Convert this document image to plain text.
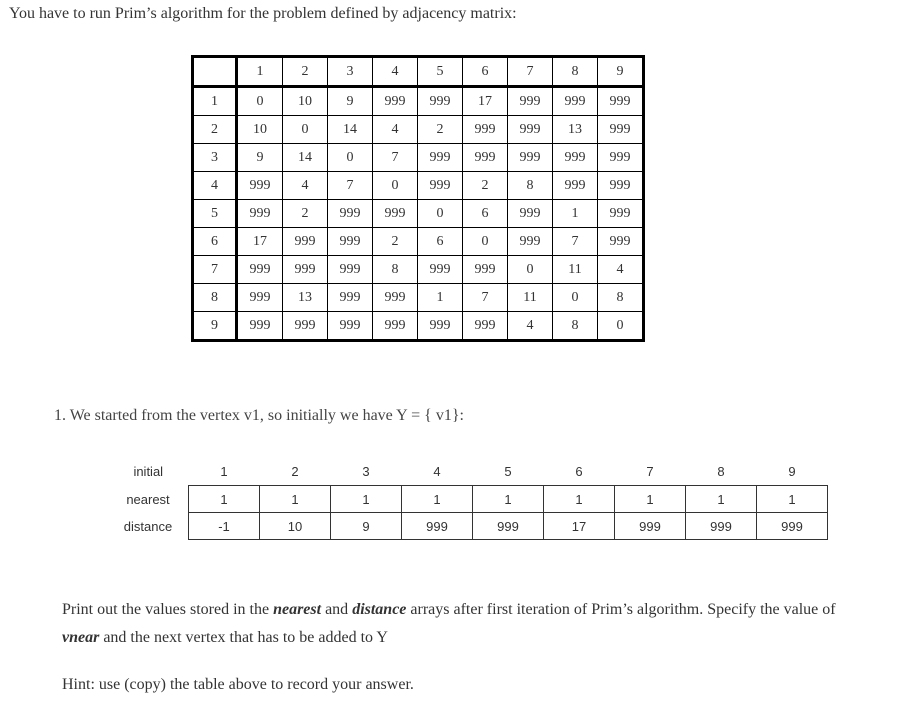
You have to run Prim’s algorithm for the problem defined by adjacency matrix:
	1	2	3	4	5	6	7	8	9
1	0	10	9	999	999	17	999	999	999
2	10	0	14	4	2	999	999	13	999
3	9	14	0	7	999	999	999	999	999
4	999	4	7	0	999	2	8	999	999
5	999	2	999	999	0	6	999	1	999
6	17	999	999	2	6	0	999	7	999
7	999	999	999	8	999	999	0	11	4
8	999	13	999	999	1	7	11	0	8
9	999	999	999	999	999	999	4	8	0
1. We started from the vertex v1, so initially we have Y = { v1}:
initial	1	2	3	4	5	6	7	8	9
nearest	1	1	1	1	1	1	1	1	1
distance	-1	10	9	999	999	17	999	999	999
Print out the values stored in the nearest and distance arrays after first iteration of Prim’s algorithm. Specify the value of vnear and the next vertex that has to be added to Y
Hint: use (copy) the table above to record your answer.
